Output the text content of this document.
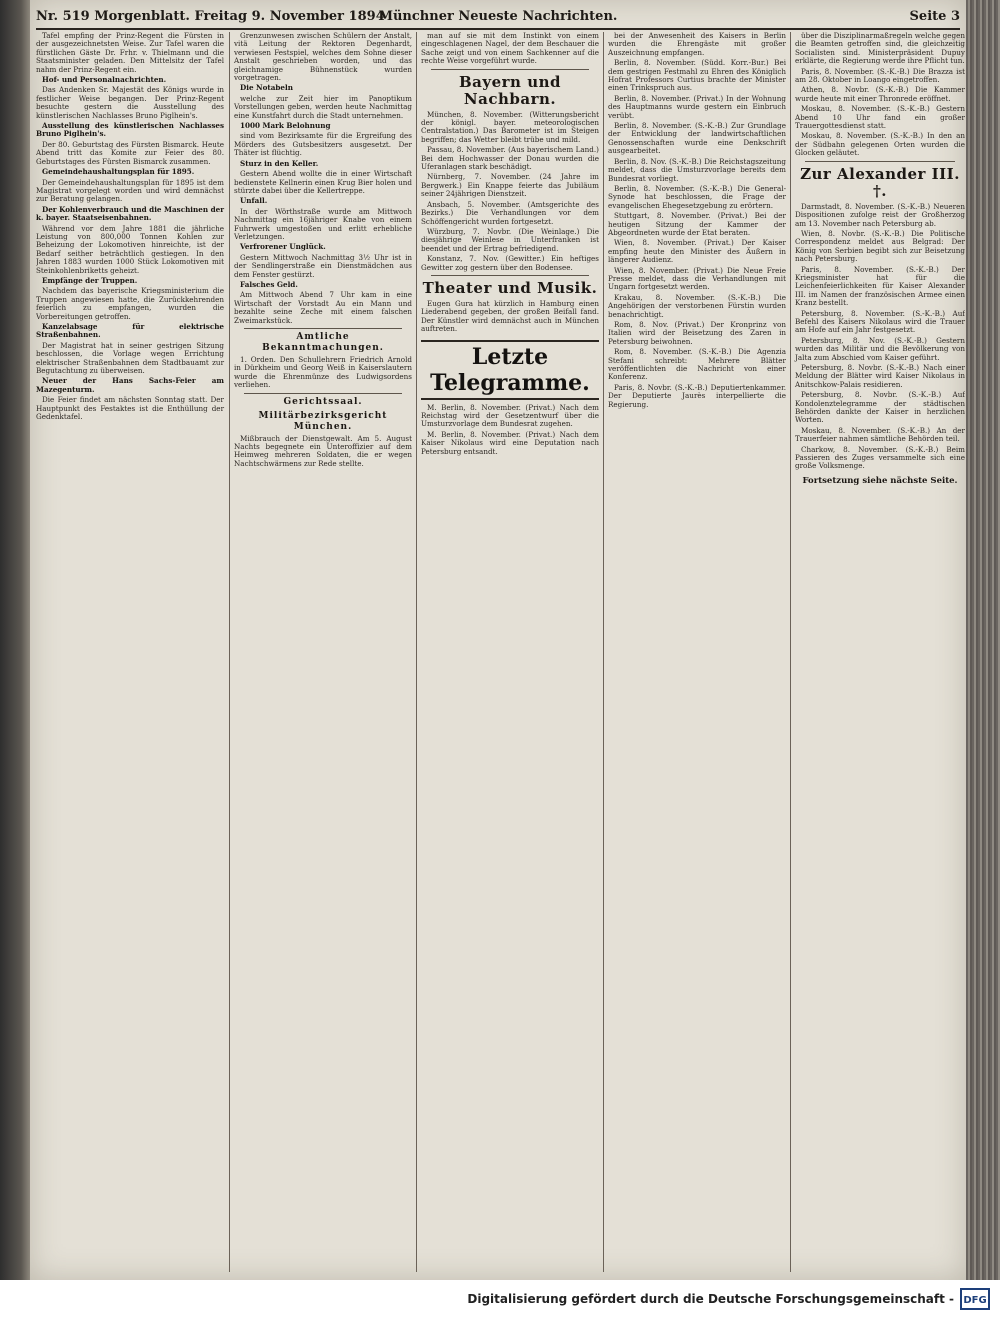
Nr. 519 Morgenblatt. Freitag 9. November 1894
Münchner Neueste Nachrichten.	Seite 3

Tafel empfing der Prinz-Regent die Fürsten in der ausgezeichnetsten Weise. Zur Tafel waren die fürstlichen Gäste Dr. Frhr. v. Thielmann und die Staatsminister geladen. Den Mittelsitz der Tafel nahm der Prinz-Regent ein.

Hof- und Personalnachrichten.

Das Andenken Sr. Majestät des Königs wurde in festlicher Weise begangen. Der Prinz-Regent besuchte gestern die Ausstellung des künstlerischen Nachlasses Bruno Piglhein's.

Ausstellung des künstlerischen Nachlasses Bruno Piglhein's.

Der 80. Geburtstag des Fürsten Bismarck. Heute Abend tritt das Komite zur Feier des 80. Geburtstages des Fürsten Bismarck zusammen.

Gemeindehaushaltungsplan für 1895.

Der Gemeindehaushaltungsplan für 1895 ist dem Magistrat vorgelegt worden und wird demnächst zur Beratung gelangen.

Der Kohlenverbrauch und die Maschinen der k. bayer. Staatseisenbahnen.

Während vor dem Jahre 1881 die jährliche Leistung von 800,000 Tonnen Kohlen zur Beheizung der Lokomotiven hinreichte, ist der Bedarf seither beträchtlich gestiegen. In den Jahren 1883 wurden 1000 Stück Lokomotiven mit Steinkohlenbriketts geheizt.

Empfänge der Truppen.

Nachdem das bayerische Kriegsministerium die Truppen angewiesen hatte, die Zurückkehrenden feierlich zu empfangen, wurden die Vorbereitungen getroffen.

Kanzelabsage für elektrische Straßenbahnen.

Der Magistrat hat in seiner gestrigen Sitzung beschlossen, die Vorlage wegen Errichtung elektrischer Straßenbahnen dem Stadtbauamt zur Begutachtung zu überweisen.

Neuer der Hans Sachs-Feier am Mazegenturm.

Die Feier findet am nächsten Sonntag statt. Der Hauptpunkt des Festaktes ist die Enthüllung der Gedenktafel.

Grenzunwesen zwischen Schülern der Anstalt, vitä Leitung der Rektoren Degenhardt, verwiesen Festspiel, welches dem Sohne dieser Anstalt geschrieben worden, und das gleichnamige Bühnenstück wurden vorgetragen.

Die Notabeln

welche zur Zeit hier im Panoptikum Vorstellungen geben, werden heute Nachmittag eine Kunstfahrt durch die Stadt unternehmen.

1000 Mark Belohnung

sind vom Bezirksamte für die Ergreifung des Mörders des Gutsbesitzers ausgesetzt. Der Thäter ist flüchtig.

Sturz in den Keller.

Gestern Abend wollte die in einer Wirtschaft bedienstete Kellnerin einen Krug Bier holen und stürzte dabei über die Kellertreppe.

Unfall.

In der Wörthstraße wurde am Mittwoch Nachmittag ein 16jähriger Knabe von einem Fuhrwerk umgestoßen und erlitt erhebliche Verletzungen.

Verfrorener Unglück.

Gestern Mittwoch Nachmittag 3½ Uhr ist in der Sendlingerstraße ein Dienstmädchen aus dem Fenster gestürzt.

Falsches Geld.

Am Mittwoch Abend 7 Uhr kam in eine Wirtschaft der Vorstadt Au ein Mann und bezahlte seine Zeche mit einem falschen Zweimarkstück.

Amtliche Bekanntmachungen.

1. Orden. Den Schullehrern Friedrich Arnold in Dürkheim und Georg Weiß in Kaiserslautern wurde die Ehrenmünze des Ludwigsordens verliehen.

Gerichtssaal.
Militärbezirksgericht München.

Mißbrauch der Dienstgewalt. Am 5. August Nachts begegnete ein Unteroffizier auf dem Heimweg mehreren Soldaten, die er wegen Nachtschwärmens zur Rede stellte.

man auf sie mit dem Instinkt von einem eingeschlagenen Nagel, der dem Beschauer die Sache zeigt und von einem Sachkenner auf die rechte Weise vorgeführt wurde.

Bayern und Nachbarn.

München, 8. November. (Witterungsbericht der königl. bayer. meteorologischen Centralstation.) Das Barometer ist im Steigen begriffen; das Wetter bleibt trübe und mild.

Passau, 8. November. (Aus bayerischem Land.) Bei dem Hochwasser der Donau wurden die Uferanlagen stark beschädigt.

Nürnberg, 7. November. (24 Jahre im Bergwerk.) Ein Knappe feierte das Jubiläum seiner 24jährigen Dienstzeit.

Ansbach, 5. November. (Amtsgerichte des Bezirks.) Die Verhandlungen vor dem Schöffengericht wurden fortgesetzt.

Würzburg, 7. Novbr. (Die Weinlage.) Die diesjährige Weinlese in Unterfranken ist beendet und der Ertrag befriedigend.

Konstanz, 7. Nov. (Gewitter.) Ein heftiges Gewitter zog gestern über den Bodensee.

Theater und Musik.

Eugen Gura hat kürzlich in Hamburg einen Liederabend gegeben, der großen Beifall fand. Der Künstler wird demnächst auch in München auftreten.

Letzte Telegramme.

M. Berlin, 8. November. (Privat.) Nach dem Reichstag wird der Gesetzentwurf über die Umsturzvorlage dem Bundesrat zugehen.

M. Berlin, 8. November. (Privat.) Nach dem Kaiser Nikolaus wird eine Deputation nach Petersburg entsandt.

bei der Anwesenheit des Kaisers in Berlin wurden die Ehrengäste mit großer Auszeichnung empfangen.

Berlin, 8. November. (Südd. Korr.-Bur.) Bei dem gestrigen Festmahl zu Ehren des Königlich Hofrat Professors Curtius brachte der Minister einen Trinkspruch aus.

Berlin, 8. November. (Privat.) In der Wohnung des Hauptmanns wurde gestern ein Einbruch verübt.

Berlin, 8. November. (S.-K.-B.) Zur Grundlage der Entwicklung der landwirtschaftlichen Genossenschaften wurde eine Denkschrift ausgearbeitet.

Berlin, 8. Nov. (S.-K.-B.) Die Reichstagszeitung meldet, dass die Umsturzvorlage bereits dem Bundesrat vorliegt.

Berlin, 8. November. (S.-K.-B.) Die General-Synode hat beschlossen, die Frage der evangelischen Ehegesetzgebung zu erörtern.

Stuttgart, 8. November. (Privat.) Bei der heutigen Sitzung der Kammer der Abgeordneten wurde der Etat beraten.

Wien, 8. November. (Privat.) Der Kaiser empfing heute den Minister des Äußern in längerer Audienz.

Wien, 8. November. (Privat.) Die Neue Freie Presse meldet, dass die Verhandlungen mit Ungarn fortgesetzt werden.

Krakau, 8. November. (S.-K.-B.) Die Angehörigen der verstorbenen Fürstin wurden benachrichtigt.

Rom, 8. Nov. (Privat.) Der Kronprinz von Italien wird der Beisetzung des Zaren in Petersburg beiwohnen.

Rom, 8. November. (S.-K.-B.) Die Agenzia Stefani schreibt: Mehrere Blätter veröffentlichten die Nachricht von einer Konferenz.

Paris, 8. Novbr. (S.-K.-B.) Deputiertenkammer. Der Deputierte Jaurès interpellierte die Regierung.

über die Disziplinarmaßregeln welche gegen die Beamten getroffen sind, die gleichzeitig Socialisten sind. Ministerpräsident Dupuy erklärte, die Regierung werde ihre Pflicht tun.

Paris, 8. November. (S.-K.-B.) Die Brazza ist am 28. Oktober in Loango eingetroffen.

Athen, 8. Novbr. (S.-K.-B.) Die Kammer wurde heute mit einer Thronrede eröffnet.

Moskau, 8. November. (S.-K.-B.) Gestern Abend 10 Uhr fand ein großer Trauergottesdienst statt.

Moskau, 8. November. (S.-K.-B.) In den an der Südbahn gelegenen Orten wurden die Glocken geläutet.

Zur Alexander III. †.

Darmstadt, 8. November. (S.-K.-B.) Neueren Dispositionen zufolge reist der Großherzog am 13. November nach Petersburg ab.

Wien, 8. Novbr. (S.-K.-B.) Die Politische Correspondenz meldet aus Belgrad: Der König von Serbien begibt sich zur Beisetzung nach Petersburg.

Paris, 8. November. (S.-K.-B.) Der Kriegsminister hat für die Leichenfeierlichkeiten für Kaiser Alexander III. im Namen der französischen Armee einen Kranz bestellt.

Petersburg, 8. November. (S.-K.-B.) Auf Befehl des Kaisers Nikolaus wird die Trauer am Hofe auf ein Jahr festgesetzt.

Petersburg, 8. Nov. (S.-K.-B.) Gestern wurden das Militär und die Bevölkerung von Jalta zum Abschied vom Kaiser geführt.

Petersburg, 8. Novbr. (S.-K.-B.) Nach einer Meldung der Blätter wird Kaiser Nikolaus in Anitschkow-Palais residieren.

Petersburg, 8. Novbr. (S.-K.-B.) Auf Kondolenztelegramme der städtischen Behörden dankte der Kaiser in herzlichen Worten.

Moskau, 8. November. (S.-K.-B.) An der Trauerfeier nahmen sämtliche Behörden teil.

Charkow, 8. November. (S.-K.-B.) Beim Passieren des Zuges versammelte sich eine große Volksmenge.

Fortsetzung siehe nächste Seite.
Digitalisierung gefördert durch die Deutsche Forschungsgemeinschaft - DFG
